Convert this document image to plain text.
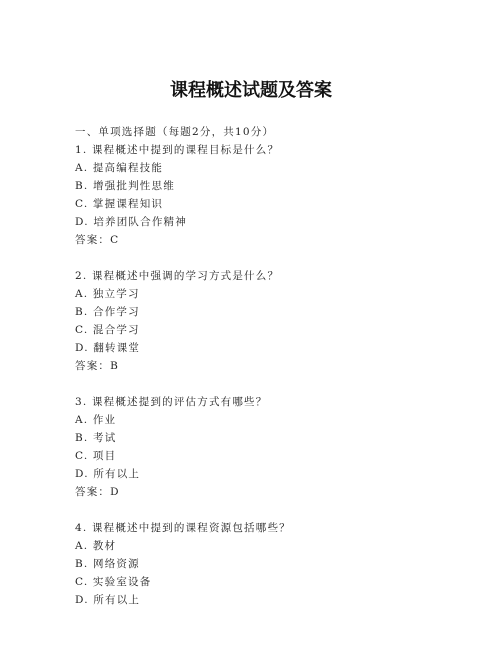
课程概述试题及答案
一、单项选择题（每题2分，共10分）
1. 课程概述中提到的课程目标是什么？
A. 提高编程技能
B. 增强批判性思维
C. 掌握课程知识
D. 培养团队合作精神
答案：C
2. 课程概述中强调的学习方式是什么？
A. 独立学习
B. 合作学习
C. 混合学习
D. 翻转课堂
答案：B
3. 课程概述提到的评估方式有哪些？
A. 作业
B. 考试
C. 项目
D. 所有以上
答案：D
4. 课程概述中提到的课程资源包括哪些？
A. 教材
B. 网络资源
C. 实验室设备
D. 所有以上
